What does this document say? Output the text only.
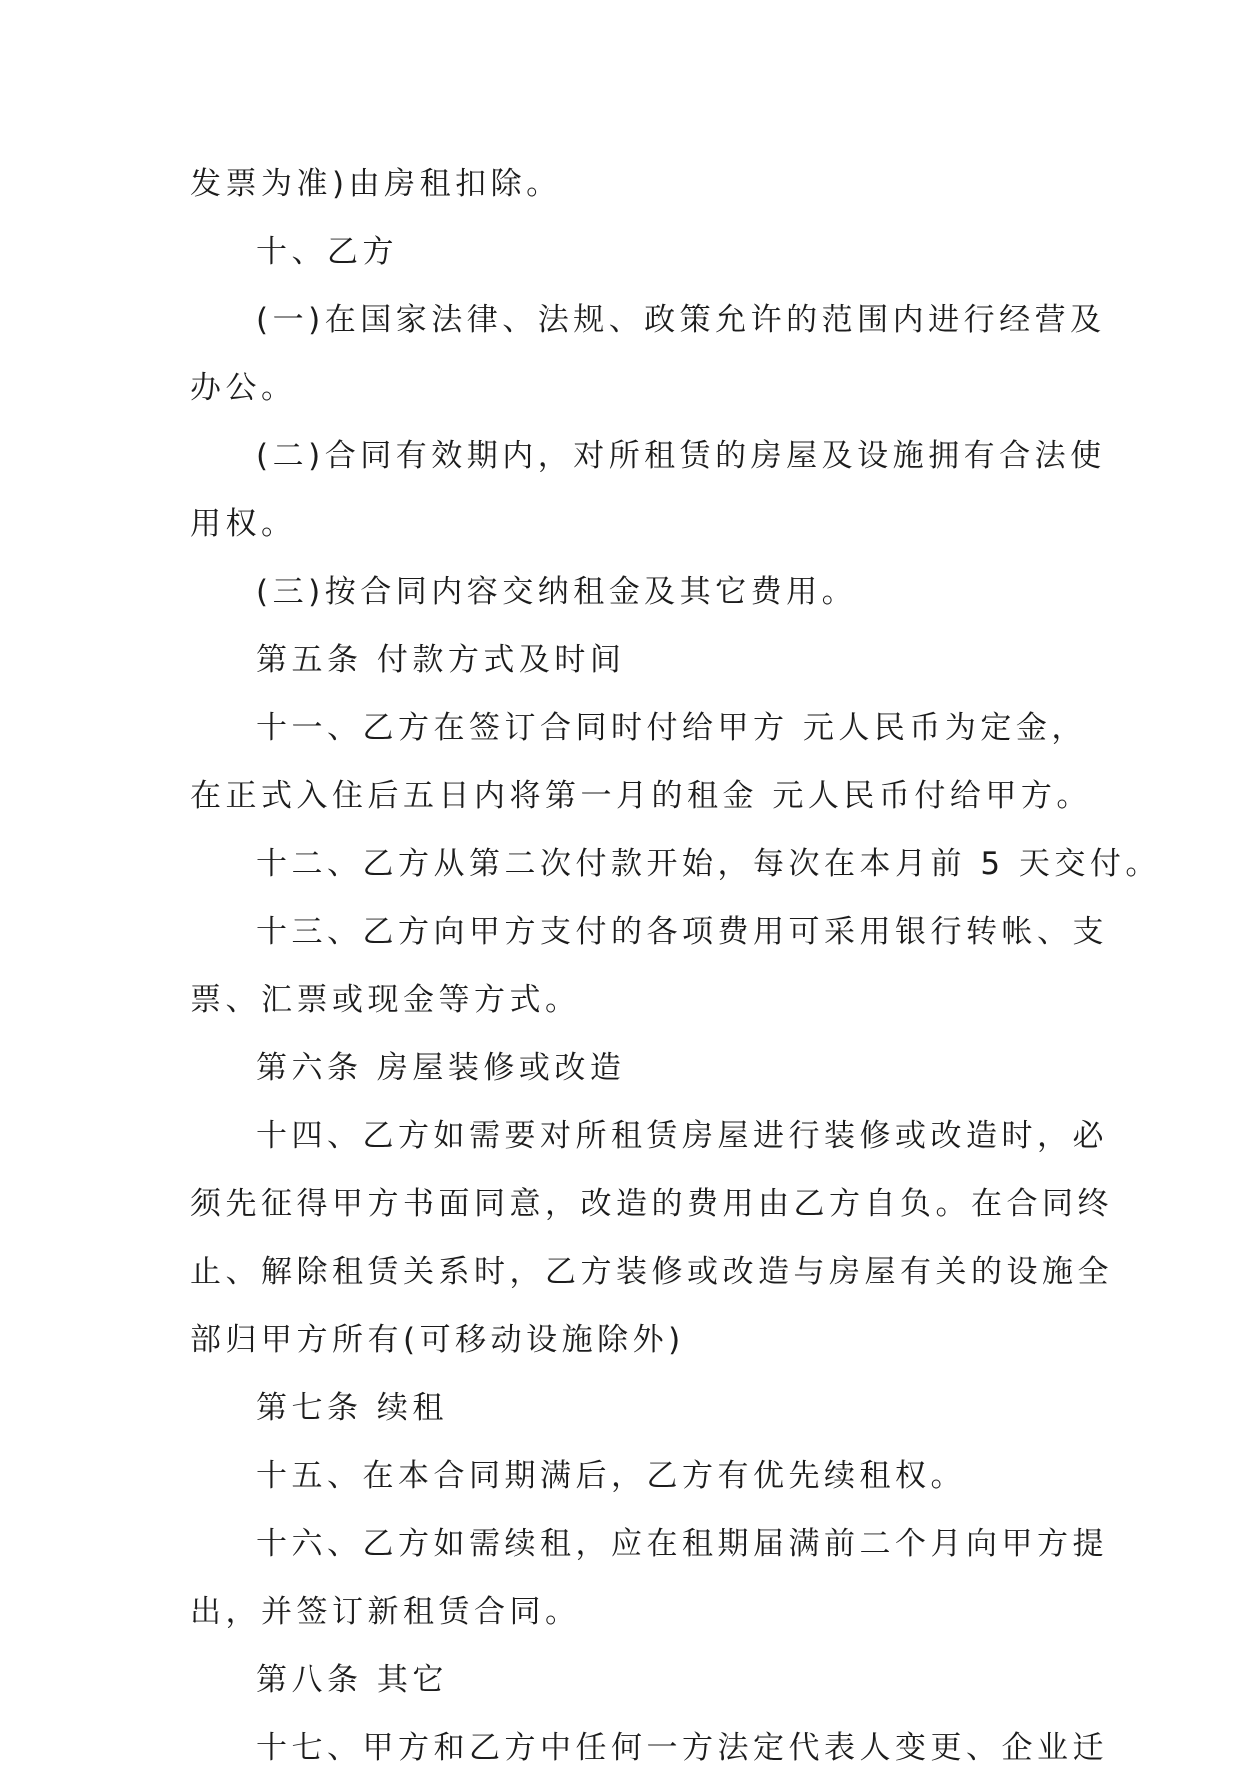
发票为准)由房租扣除。
十、乙方
(一)在国家法律、法规、政策允许的范围内进行经营及
办公。
(二)合同有效期内，对所租赁的房屋及设施拥有合法使
用权。
(三)按合同内容交纳租金及其它费用。
第五条 付款方式及时间
十一、乙方在签订合同时付给甲方 元人民币为定金，
在正式入住后五日内将第一月的租金 元人民币付给甲方。
十二、乙方从第二次付款开始，每次在本月前 5 天交付。
十三、乙方向甲方支付的各项费用可采用银行转帐、支
票、汇票或现金等方式。
第六条 房屋装修或改造
十四、乙方如需要对所租赁房屋进行装修或改造时，必
须先征得甲方书面同意，改造的费用由乙方自负。在合同终
止、解除租赁关系时，乙方装修或改造与房屋有关的设施全
部归甲方所有(可移动设施除外)
第七条 续租
十五、在本合同期满后，乙方有优先续租权。
十六、乙方如需续租，应在租期届满前二个月向甲方提
出，并签订新租赁合同。
第八条 其它
十七、甲方和乙方中任何一方法定代表人变更、企业迁
